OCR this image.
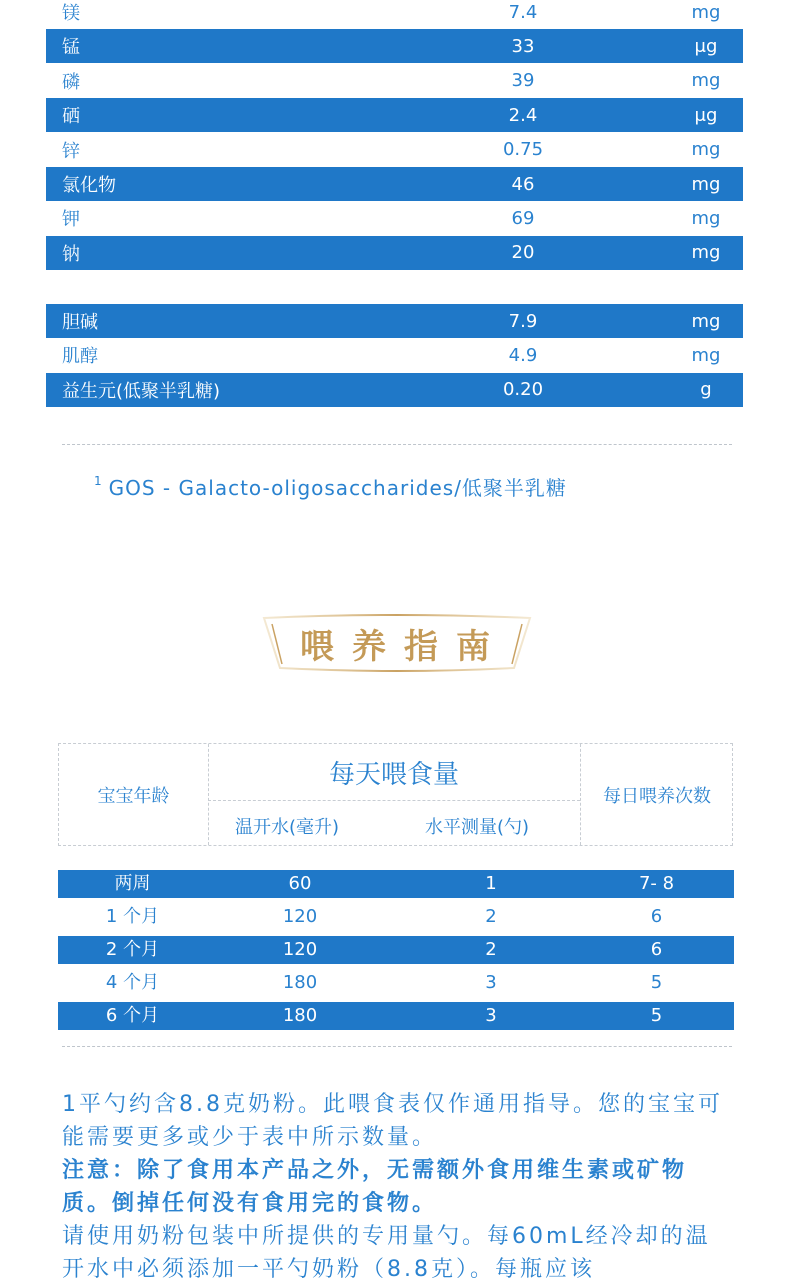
镁	7.4	mg
锰	33	μg
磷	39	mg
硒	2.4	μg
锌	0.75	mg
氯化物	46	mg
钾	69	mg
钠	20	mg
胆碱	7.9	mg
肌醇	4.9	mg
益生元(低聚半乳糖)	0.20	g
$^1$ GOS - Galacto-oligosaccharides/低聚半乳糖
喂养指南
宝宝年龄
每天喂食量
温开水(毫升)	水平测量(勺)
每日喂养次数
两周	60	1	7- 8
1 个月	120	2	6
2 个月	120	2	6
4 个月	180	3	5
6 个月	180	3	5
1平勺约含8.8克奶粉。此喂食表仅作通用指导。您的宝宝可能需要更多或少于表中所示数量。
注意：除了食用本产品之外，无需额外食用维生素或矿物质。倒掉任何没有食用完的食物。
请使用奶粉包装中所提供的专用量勺。每60mL经冷却的温开水中必须添加一平勺奶粉（8.8克）。每瓶应该
